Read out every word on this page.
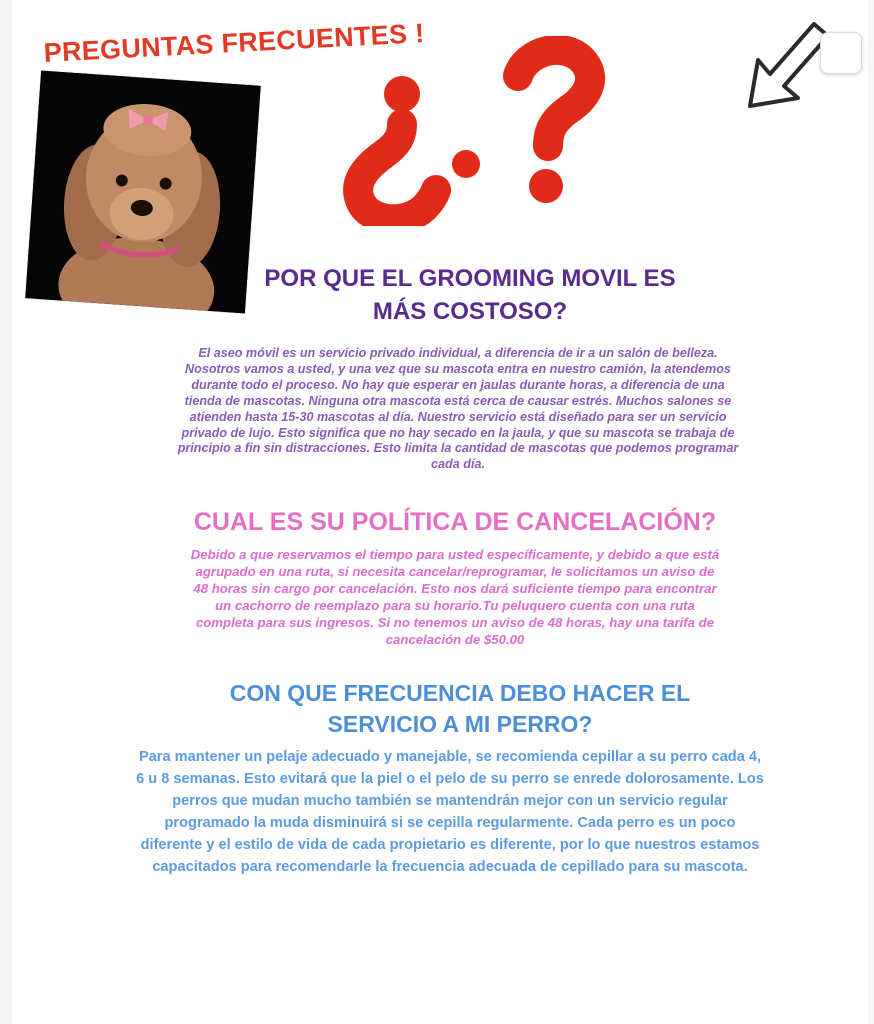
PREGUNTAS FRECUENTES !
POR QUE EL GROOMING MOVIL ES
MÁS COSTOSO?
El aseo móvil es un servicio privado individual, a diferencia de ir a un salón de belleza.
Nosotros vamos a usted, y una vez que su mascota entra en nuestro camión, la atendemos
durante todo el proceso. No hay que esperar en jaulas durante horas, a diferencia de una
tienda de mascotas. Ninguna otra mascota está cerca de causar estrés. Muchos salones se
atienden hasta 15-30 mascotas al día. Nuestro servicio está diseñado para ser un servicio
privado de lujo. Esto significa que no hay secado en la jaula, y que su mascota se trabaja de
principio a fin sin distracciones. Esto limita la cantidad de mascotas que podemos programar
cada día.
CUAL ES SU POLÍTICA DE CANCELACIÓN?
Debido a que reservamos el tiempo para usted específicamente, y debido a que está
agrupado en una ruta, si necesita cancelar/reprogramar, le solicitamos un aviso de
48 horas sin cargo por cancelación. Esto nos dará suficiente tiempo para encontrar
un cachorro de reemplazo para su horario.Tu peluquero cuenta con una ruta
completa para sus ingresos. Si no tenemos un aviso de 48 horas, hay una tarifa de
cancelación de $50.00
CON QUE FRECUENCIA DEBO HACER EL
SERVICIO A MI PERRO?
Para mantener un pelaje adecuado y manejable, se recomienda cepillar a su perro cada 4,
6 u 8 semanas. Esto evitará que la piel o el pelo de su perro se enrede dolorosamente. Los
perros que mudan mucho también se mantendrán mejor con un servicio regular
programado la muda disminuirá si se cepilla regularmente. Cada perro es un poco
diferente y el estilo de vida de cada propietario es diferente, por lo que nuestros estamos
capacitados para recomendarle la frecuencia adecuada de cepillado para su mascota.
